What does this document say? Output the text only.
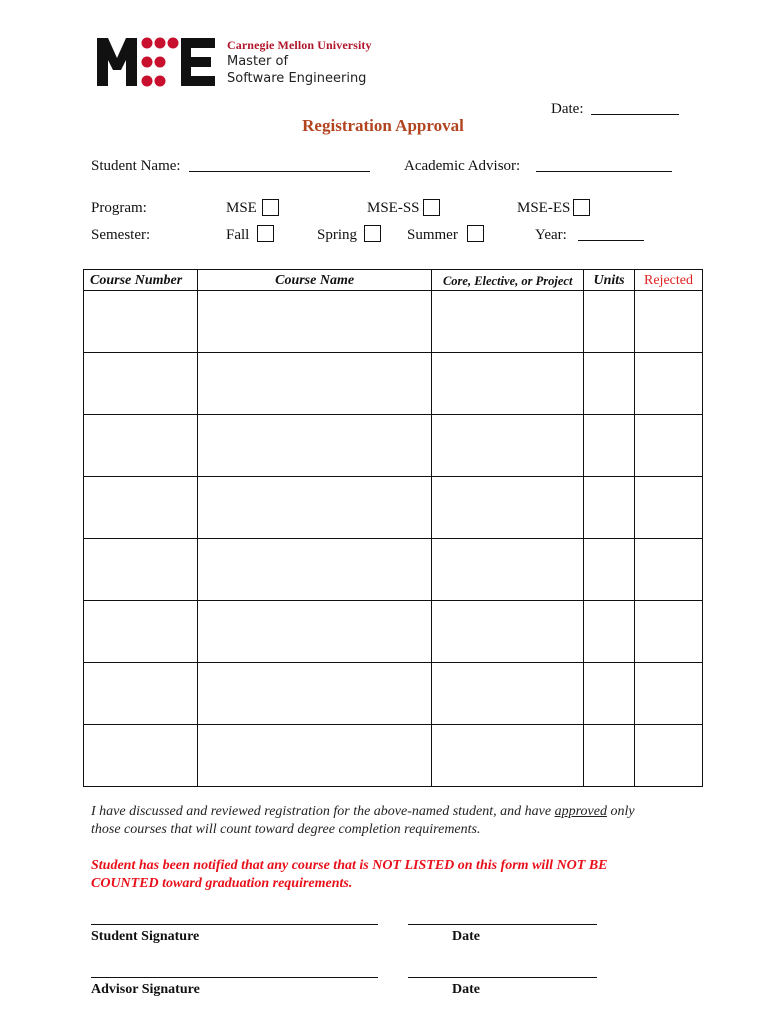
Carnegie Mellon University
Master of
Software Engineering
Date:
Registration Approval
Student Name:	Academic Advisor:
Program:	MSE	MSE-SS	MSE-ES
Semester:	Fall	Spring	Summer	Year:
Course Number	Course Name	Core, Elective, or Project	Units	Rejected

I have discussed and reviewed registration for the above-named student, and have approved only
those courses that will count toward degree completion requirements.
Student has been notified that any course that is NOT LISTED on this form will NOT BE
COUNTED toward graduation requirements.
Student Signature	Date
Advisor Signature	Date
